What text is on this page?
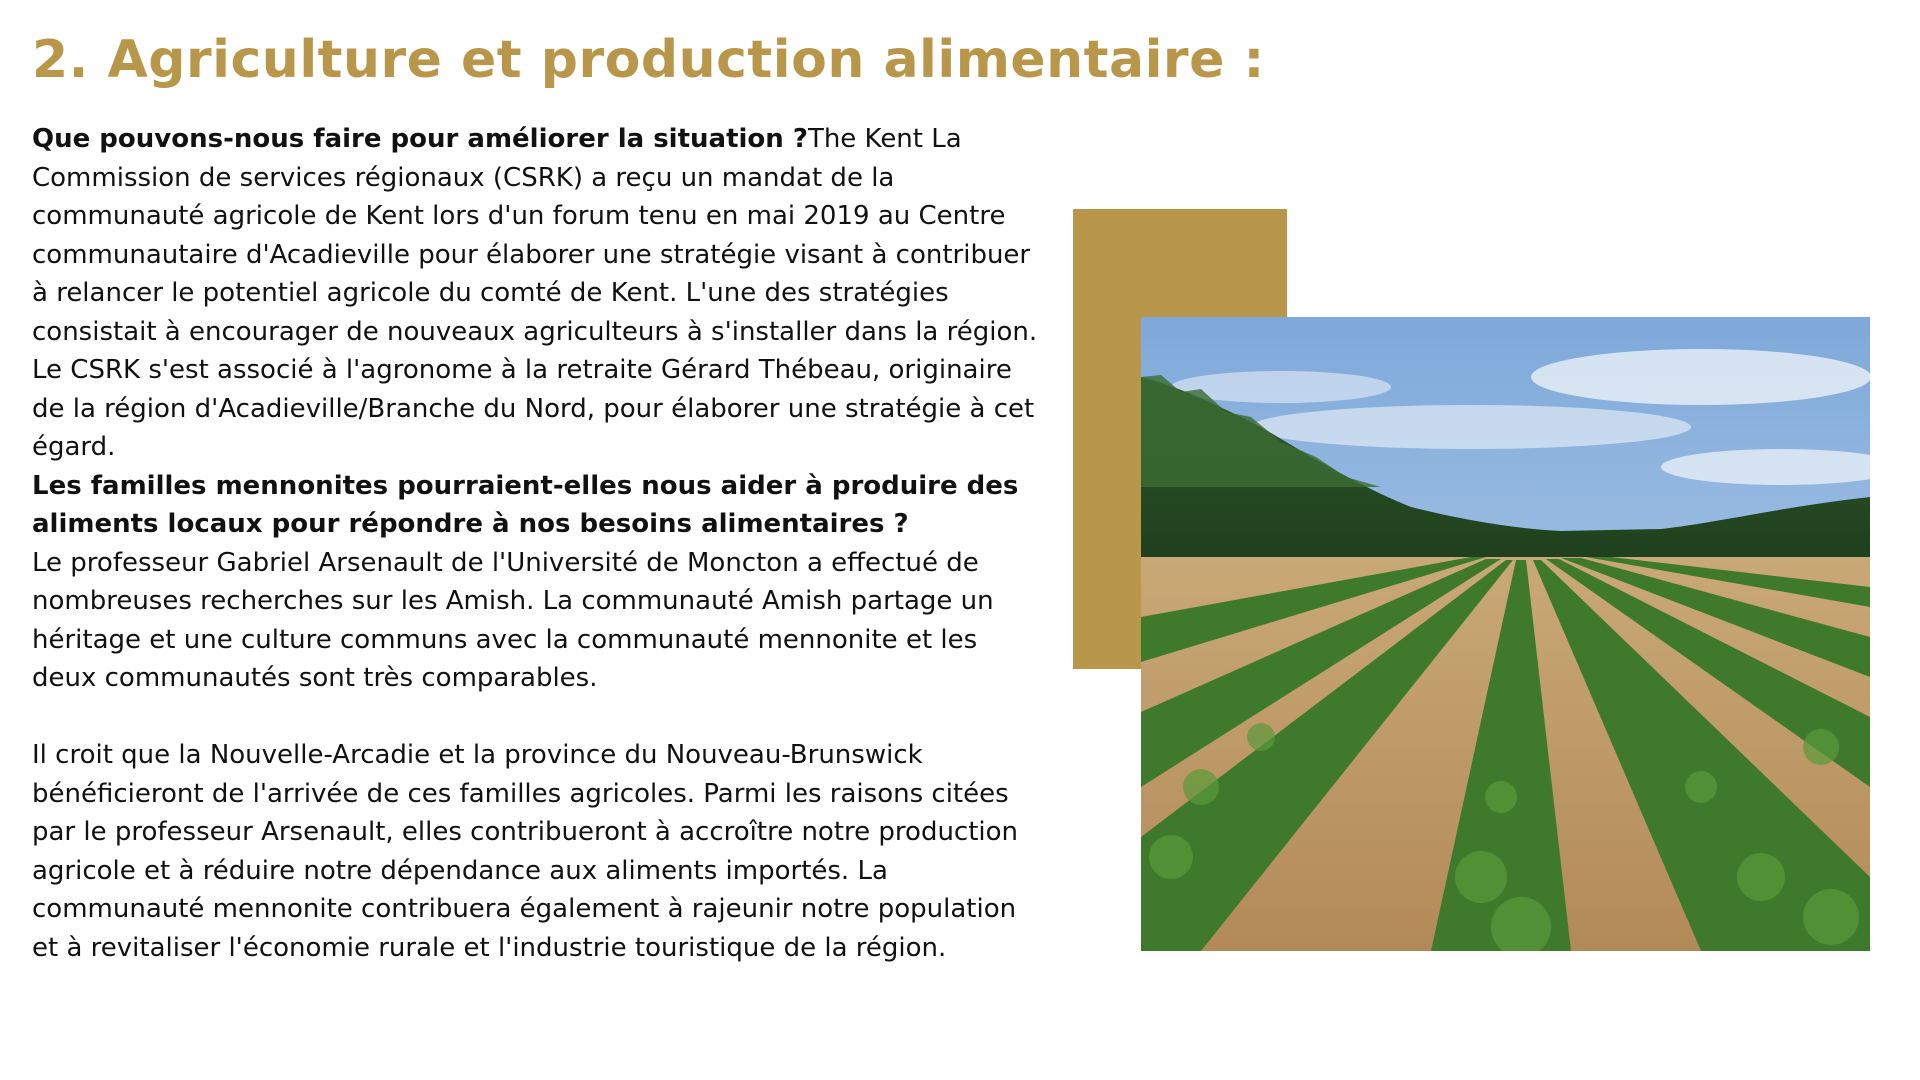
2. Agriculture et production alimentaire :

Que pouvons-nous faire pour améliorer la situation ?The Kent La Commission de services régionaux (CSRK) a reçu un mandat de la communauté agricole de Kent lors d'un forum tenu en mai 2019 au Centre communautaire d'Acadieville pour élaborer une stratégie visant à contribuer à relancer le potentiel agricole du comté de Kent. L'une des stratégies consistait à encourager de nouveaux agriculteurs à s'installer dans la région. Le CSRK s'est associé à l'agronome à la retraite Gérard Thébeau, originaire de la région d'Acadieville/Branche du Nord, pour élaborer une stratégie à cet égard.

Les familles mennonites pourraient-elles nous aider à produire des aliments locaux pour répondre à nos besoins alimentaires ?

Le professeur Gabriel Arsenault de l'Université de Moncton a effectué de nombreuses recherches sur les Amish. La communauté Amish partage un héritage et une culture communs avec la communauté mennonite et les deux communautés sont très comparables.

Il croit que la Nouvelle-Arcadie et la province du Nouveau-Brunswick bénéficieront de l'arrivée de ces familles agricoles. Parmi les raisons citées par le professeur Arsenault, elles contribueront à accroître notre production agricole et à réduire notre dépendance aux aliments importés. La communauté mennonite contribuera également à rajeunir notre population et à revitaliser l'économie rurale et l'industrie touristique de la région.
